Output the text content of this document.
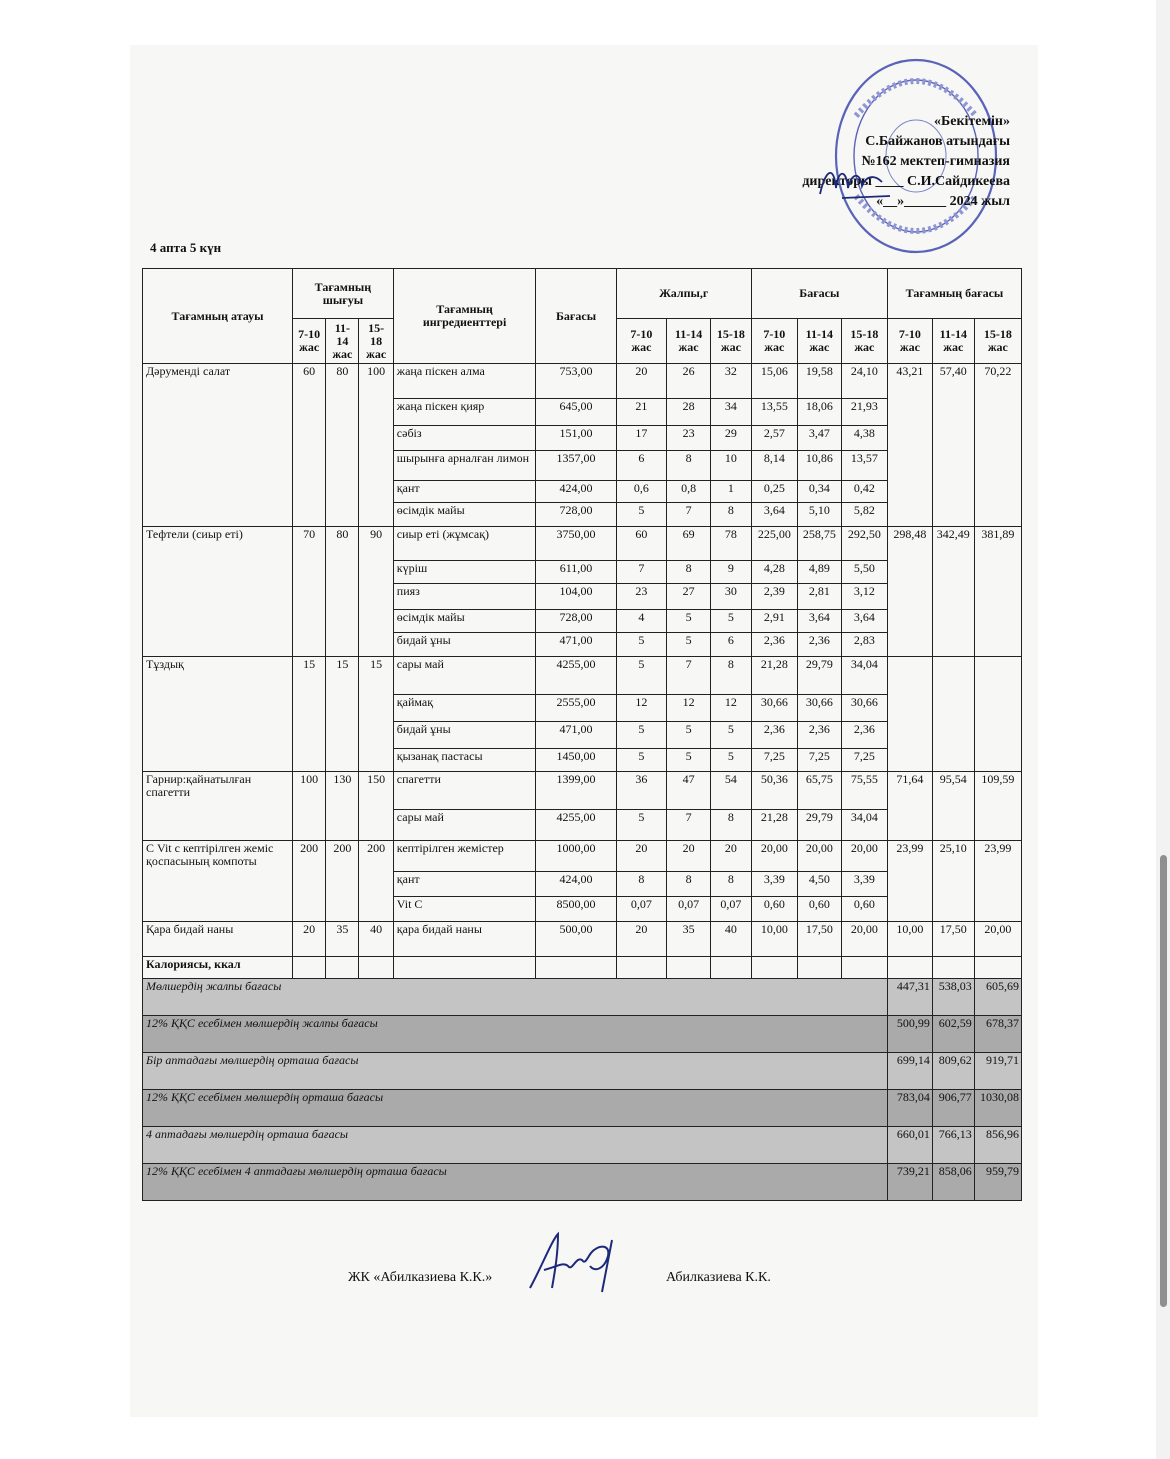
«Бекітемін»
С.Байжанов атындағы
№162 мектеп-гимназия
директоры ____ С.И.Сайдикеева
«__»______ 2024 жыл
4 апта 5 күн
Тағамның атауы	Тағамның шығуы			Тағамның ингредиенттері	Бағасы	Жалпы,г			Бағасы			Тағамның бағасы		
	7-10 жас	11-14 жас	15-18 жас			7-10 жас	11-14 жас	15-18 жас	7-10 жас	11-14 жас	15-18 жас	7-10 жас	11-14 жас	15-18 жас
Дәруменді салат	60	80	100	жаңа піскен алма	753,00	20	26	32	15,06	19,58	24,10	43,21	57,40	70,22
				жаңа піскен қияр	645,00	21	28	34	13,55	18,06	21,93			
				сәбіз	151,00	17	23	29	2,57	3,47	4,38			
				шырынға арналған лимон	1357,00	6	8	10	8,14	10,86	13,57			
				қант	424,00	0,6	0,8	1	0,25	0,34	0,42			
				өсімдік майы	728,00	5	7	8	3,64	5,10	5,82			
Тефтели (сиыр еті)	70	80	90	сиыр еті (жұмсақ)	3750,00	60	69	78	225,00	258,75	292,50	298,48	342,49	381,89
				күріш	611,00	7	8	9	4,28	4,89	5,50			
				пияз	104,00	23	27	30	2,39	2,81	3,12			
				өсімдік майы	728,00	4	5	5	2,91	3,64	3,64			
				бидай ұны	471,00	5	5	6	2,36	2,36	2,83			
Тұздық	15	15	15	сары май	4255,00	5	7	8	21,28	29,79	34,04			
				қаймақ	2555,00	12	12	12	30,66	30,66	30,66			
				бидай ұны	471,00	5	5	5	2,36	2,36	2,36			
				қызанақ пастасы	1450,00	5	5	5	7,25	7,25	7,25			
Гарнир:қайнатылған спагетти	100	130	150	спагетти	1399,00	36	47	54	50,36	65,75	75,55	71,64	95,54	109,59
				сары май	4255,00	5	7	8	21,28	29,79	34,04			
С Vit с кептірілген жеміс қоспасының компоты	200	200	200	кептірілген жемістер	1000,00	20	20	20	20,00	20,00	20,00	23,99	25,10	23,99
				қант	424,00	8	8	8	3,39	4,50	3,39			
				Vit C	8500,00	0,07	0,07	0,07	0,60	0,60	0,60			
Қара бидай наны	20	35	40	қара бидай наны	500,00	20	35	40	10,00	17,50	20,00	10,00	17,50	20,00
Калориясы, ккал														
Мөлшердің жалпы бағасы												447,31	538,03	605,69
12% ҚҚС есебімен мөлшердің жалпы бағасы												500,99	602,59	678,37
Бір аптадағы мөлшердің орташа бағасы												699,14	809,62	919,71
12% ҚҚС есебімен мөлшердің орташа бағасы												783,04	906,77	1030,08
4 аптадағы мөлшердің орташа бағасы												660,01	766,13	856,96
12% ҚҚС есебімен 4 аптадағы мөлшердің орташа бағасы												739,21	858,06	959,79
ЖК «Абилказиева К.К.»	Абилказиева К.К.
